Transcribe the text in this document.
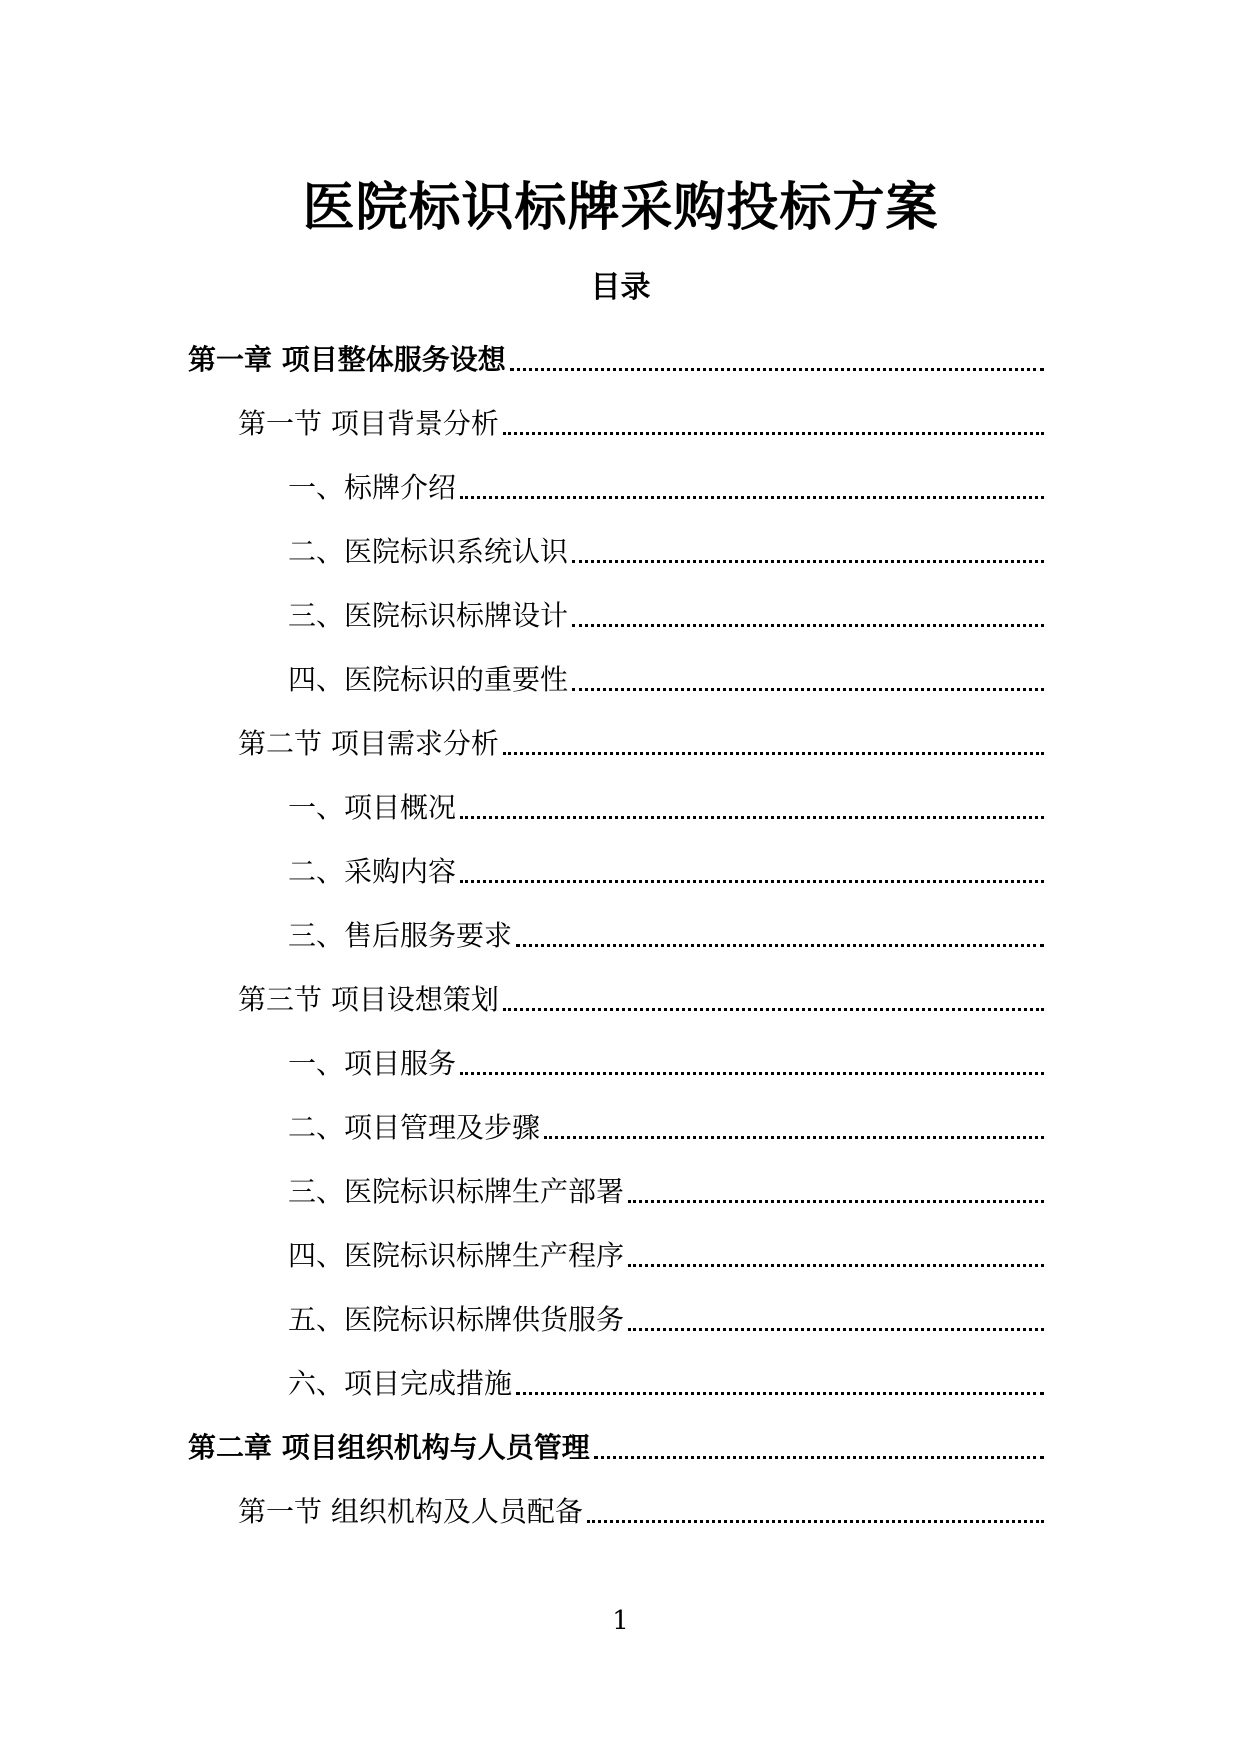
医院标识标牌采购投标方案
目录
第一章 项目整体服务设想
第一节 项目背景分析
一、标牌介绍
二、医院标识系统认识
三、医院标识标牌设计
四、医院标识的重要性
第二节 项目需求分析
一、项目概况
二、采购内容
三、售后服务要求
第三节 项目设想策划
一、项目服务
二、项目管理及步骤
三、医院标识标牌生产部署
四、医院标识标牌生产程序
五、医院标识标牌供货服务
六、项目完成措施
第二章 项目组织机构与人员管理
第一节 组织机构及人员配备
1
